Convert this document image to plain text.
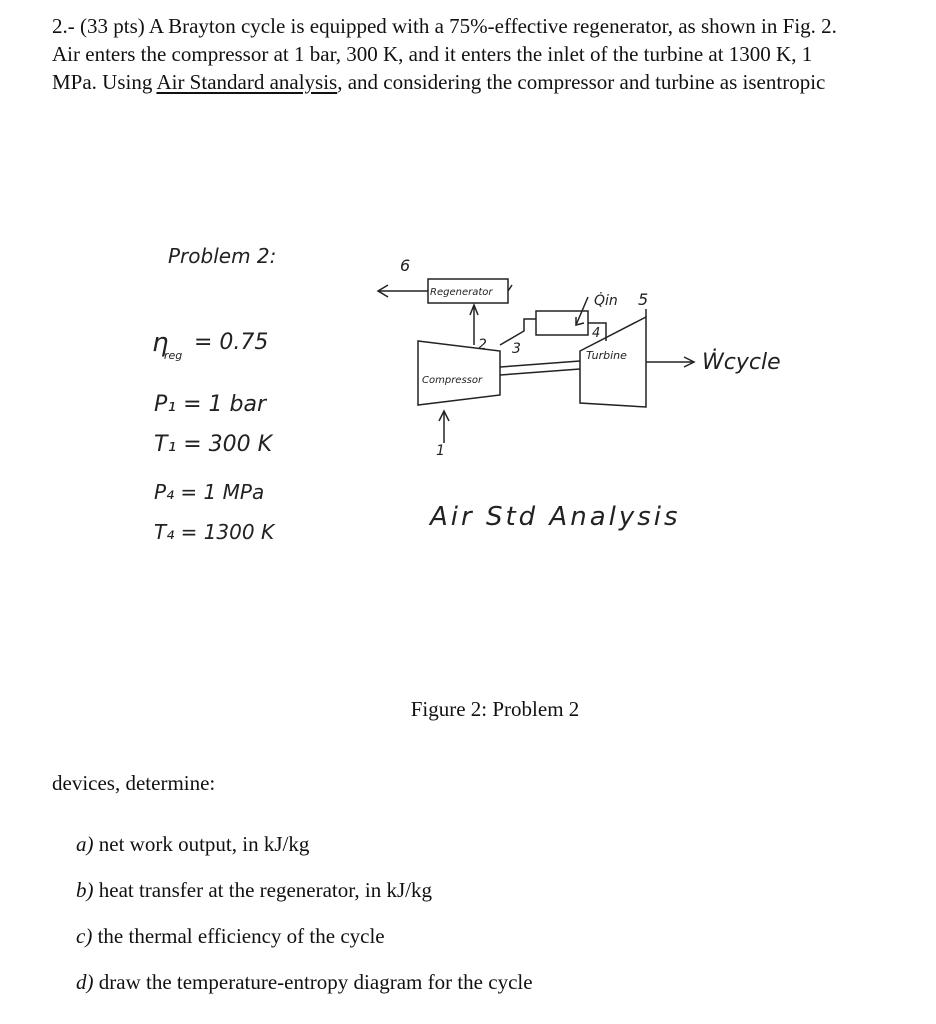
2.- (33 pts) A Brayton cycle is equipped with a 75%-effective regenerator, as shown in Fig. 2.
Air enters the compressor at 1 bar, 300 K, and it enters the inlet of the turbine at 1300 K, 1
MPa. Using Air Standard analysis, and considering the compressor and turbine as isentropic
Problem 2:
η
reg
= 0.75
P₁ = 1 bar
T₁ = 300 K
P₄ = 1 MPa
T₄ = 1300 K
Regenerator
Compressor
Turbine
Q̇in
Ẇcycle
6
2 3
4
5
1
Air Std Analysis
Figure 2: Problem 2
devices, determine:
a) net work output, in kJ/kg
b) heat transfer at the regenerator, in kJ/kg
c) the thermal efficiency of the cycle
d) draw the temperature-entropy diagram for the cycle
